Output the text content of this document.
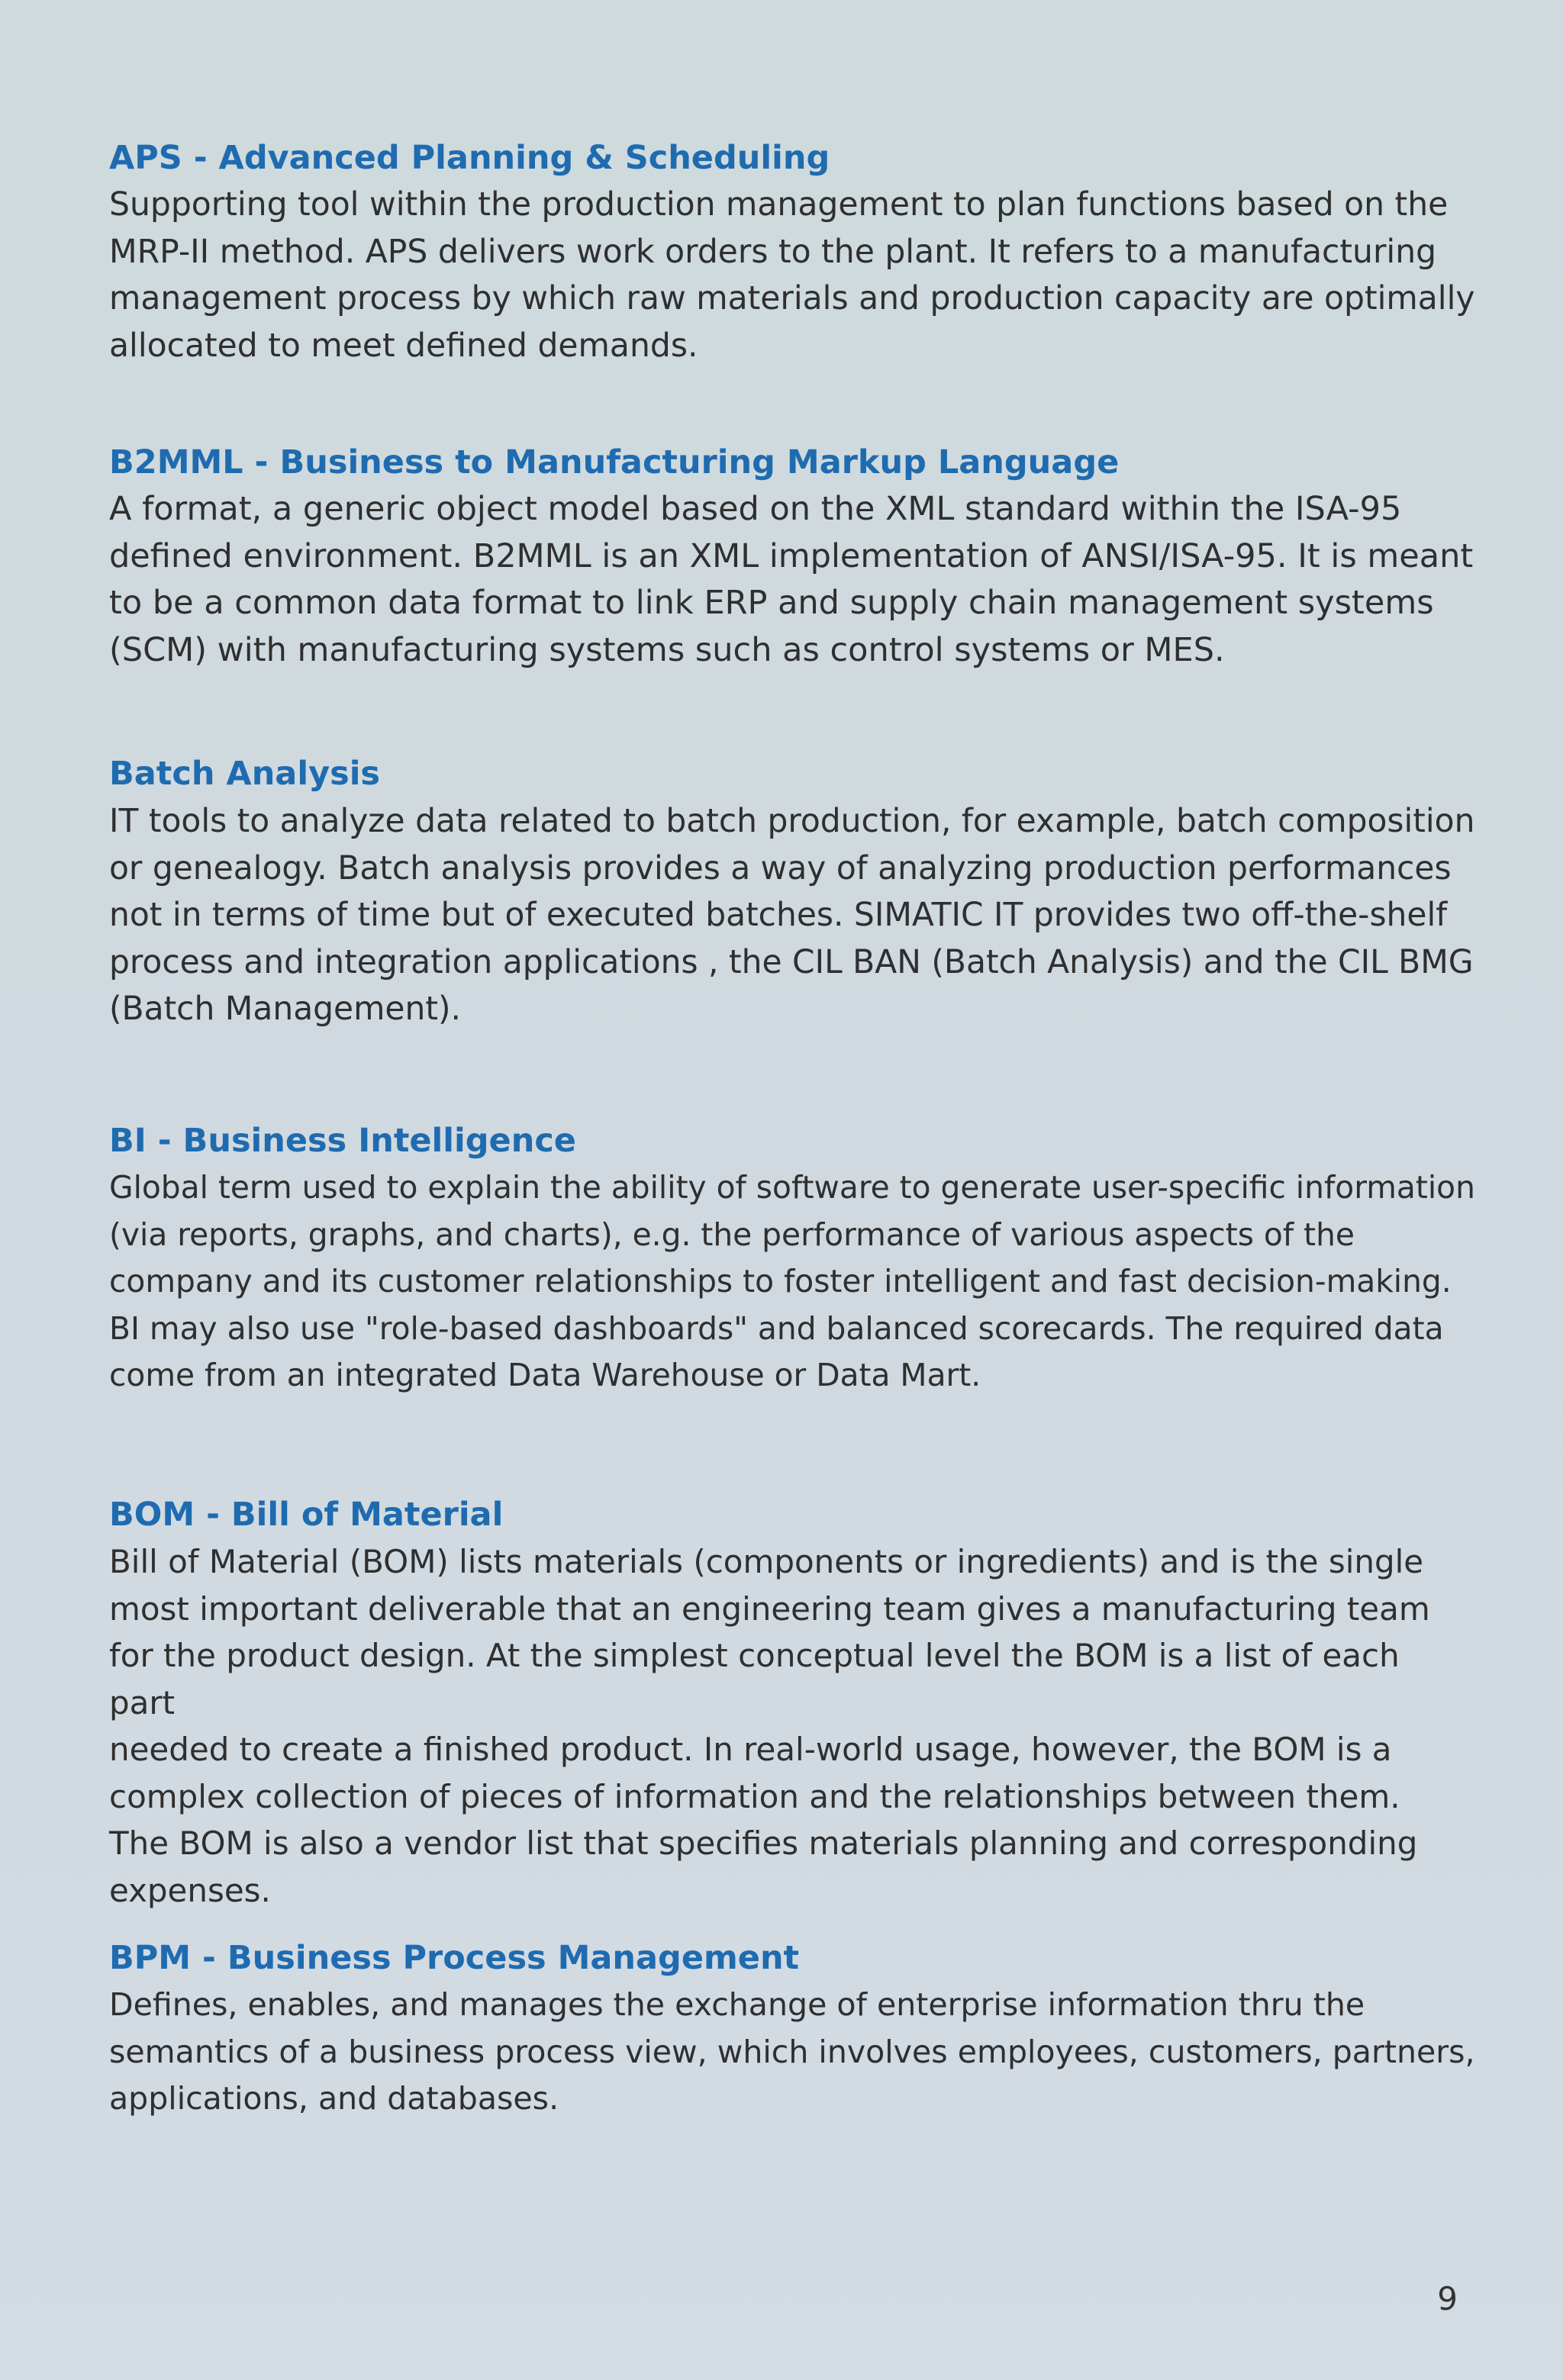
APS - Advanced Planning & Scheduling

Supporting tool within the production management to plan functions based on the
MRP-II method. APS delivers work orders to the plant. It refers to a manufacturing
management process by which raw materials and production capacity are optimally
allocated to meet defined demands.

B2MML - Business to Manufacturing Markup Language

A format, a generic object model based on the XML standard within the ISA-95
defined environment. B2MML is an XML implementation of ANSI/ISA-95. It is meant
to be a common data format to link ERP and supply chain management systems
(SCM) with manufacturing systems such as control systems or MES.

Batch Analysis

IT tools to analyze data related to batch production, for example, batch composition
or genealogy. Batch analysis provides a way of analyzing production performances
not in terms of time but of executed batches. SIMATIC IT provides two off-the-shelf
process and integration applications , the CIL BAN (Batch Analysis) and the CIL BMG
(Batch Management).

BI - Business Intelligence

Global term used to explain the ability of software to generate user-specific information
(via reports, graphs, and charts), e.g. the performance of various aspects of the
company and its customer relationships to foster intelligent and fast decision-making.
BI may also use "role-based dashboards" and balanced scorecards. The required data
come from an integrated Data Warehouse or Data Mart.

BOM - Bill of Material

Bill of Material (BOM) lists materials (components or ingredients) and is the single
most important deliverable that an engineering team gives a manufacturing team
for the product design. At the simplest conceptual level the BOM is a list of each part
needed to create a finished product. In real-world usage, however, the BOM is a
complex collection of pieces of information and the relationships between them.
The BOM is also a vendor list that specifies materials planning and corresponding
expenses.

BPM - Business Process Management

Defines, enables, and manages the exchange of enterprise information thru the
semantics of a business process view, which involves employees, customers, partners,
applications, and databases.

9
